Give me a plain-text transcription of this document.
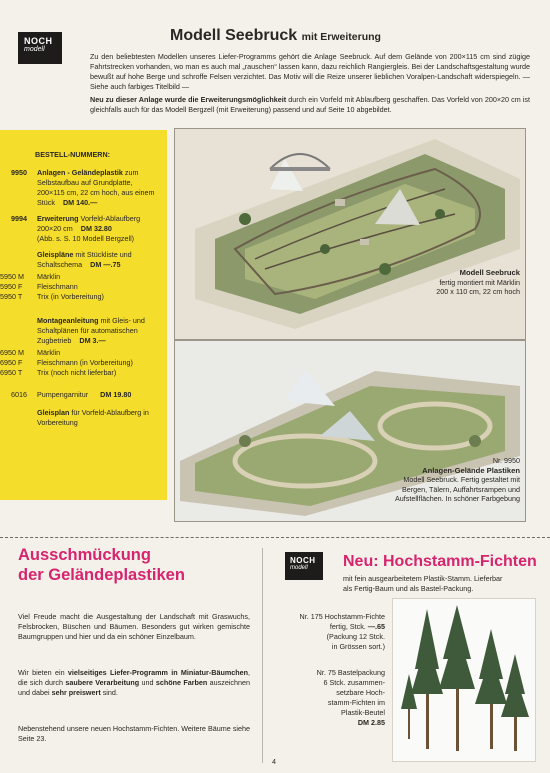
NOCH
modell
Modell Seebruck mit Erweiterung
Zu den beliebtesten Modellen unseres Liefer-Programms gehört die Anlage Seebruck. Auf dem Gelände von 200×115 cm sind zügige Fahrtstrecken vorhanden, wo man es auch mal „rauschen“ lassen kann, dazu reichlich Rangiergleis. Bei der Landschaftsgestaltung wurde bewußt auf hohe Berge und schroffe Felsen verzichtet. Das Motiv will die Reize unserer lieblichen Voralpen-Landschaft widerspiegeln. — Siehe auch farbiges Titelbild —
Neu zu dieser Anlage wurde die Erweiterungsmöglichkeit durch ein Vorfeld mit Ablaufberg geschaffen. Das Vorfeld von 200×20 cm ist gleichfalls auch für das Modell Bergzell (mit Erweiterung) passend und auf Seite 10 abgebildet.
BESTELL-NUMMERN:
9950 Anlagen - Geländeplastik zum Selbstaufbau auf Grundplatte, 200×115 cm, 22 cm hoch, aus einem Stück DM 140.—
9994 Erweiterung Vorfeld-Ablaufberg 200×20 cm DM 32.80
(Abb. s. S. 10 Modell Bergzell)
Gleispläne mit Stückliste und Schaltschema DM —.75
5950 M Märklin
5950 F Fleischmann
5950 T Trix (in Vorbereitung)
Montageanleitung mit Gleis- und Schaltplänen für automatischen Zugbetrieb DM 3.—
6950 M Märklin
6950 F Fleischmann (in Vorbereitung)
6950 T Trix (noch nicht lieferbar)
6016 Pumpengarnitur DM 19.80
Gleisplan für Vorfeld-Ablaufberg in Vorbereitung
Modell Seebruck
fertig montiert mit Märklin
200 x 110 cm, 22 cm hoch
Nr. 9950
Anlagen-Gelände Plastiken
Modell Seebruck. Fertig gestaltet mit
Bergen, Tälern, Auffahrtsrampen und
Aufstellflächen. In schöner Farbgebung
Ausschmückung
der Geländeplastiken
Viel Freude macht die Ausgestaltung der Landschaft mit Graswuchs, Felsbrocken, Büschen und Bäumen. Besonders gut wirken gemischte Baumgruppen und hier und da ein schöner Einzelbaum.
Wir bieten ein vielseitiges Liefer-Programm in Miniatur-Bäumchen, die sich durch saubere Verarbeitung und schöne Farben auszeichnen und dabei sehr preiswert sind.
Nebenstehend unsere neuen Hochstamm-Fichten. Weitere Bäume siehe Seite 23.
NOCH
modell	Neu: Hochstamm-Fichten
mit fein ausgearbeitetem Plastik-Stamm. Lieferbar
als Fertig-Baum und als Bastel-Packung.
Nr. 175 Hochstamm-Fichte
fertig, Stck. —.65
(Packung 12 Stck.
in Grössen sort.)
Nr. 75 Bastelpackung
6 Stck. zusammen-
setzbare Hoch-
stamm-Fichten im
Plastik-Beutel
DM 2.85
4
